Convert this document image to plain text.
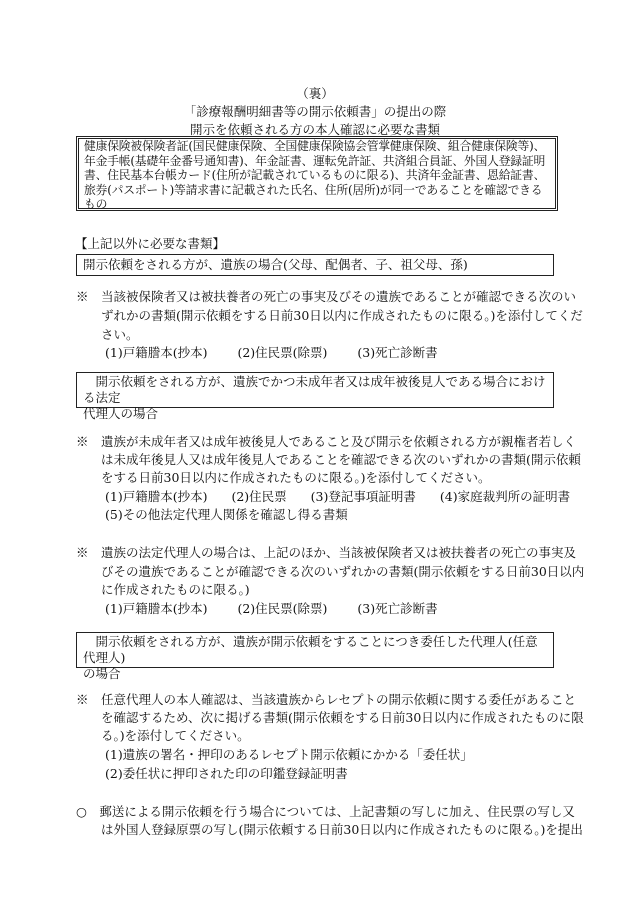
（裏）
「診療報酬明細書等の開示依頼書」の提出の際
開示を依頼される方の本人確認に必要な書類

健康保険被保険者証(国民健康保険、全国健康保険協会管掌健康保険、組合健康保険等)、

年金手帳(基礎年金番号通知書)、年金証書、運転免許証、共済組合員証、外国人登録証明

書、住民基本台帳カード(住所が記載されているものに限る)、共済年金証書、恩給証書、

旅券(パスポート)等請求書に記載された氏名、住所(居所)が同一であることを確認できる

もの

【上記以外に必要な書類】
開示依頼をされる方が、遺族の場合(父母、配偶者、子、祖父母、孫)
※　当該被保険者又は被扶養者の死亡の事実及びその遺族であることが確認できる次のい
ずれかの書類(開示依頼をする日前30日以内に作成されたものに限る。)を添付してくだ
さい。
(1)戸籍謄本(抄本) (2)住民票(除票) (3)死亡診断書

開示依頼をされる方が、遺族でかつ未成年者又は成年被後見人である場合における法定

代理人の場合

※　遺族が未成年者又は成年被後見人であること及び開示を依頼される方が親権者若しく
は未成年後見人又は成年後見人であることを確認できる次のいずれかの書類(開示依頼
をする日前30日以内に作成されたものに限る。)を添付してください。
(1)戸籍謄本(抄本) (2)住民票 (3)登記事項証明書 (4)家庭裁判所の証明書
(5)その他法定代理人関係を確認し得る書類
※　遺族の法定代理人の場合は、上記のほか、当該被保険者又は被扶養者の死亡の事実及
びその遺族であることが確認できる次のいずれかの書類(開示依頼をする日前30日以内
に作成されたものに限る。)
(1)戸籍謄本(抄本) (2)住民票(除票) (3)死亡診断書

開示依頼をされる方が、遺族が開示依頼をすることにつき委任した代理人(任意代理人)

の場合

※　任意代理人の本人確認は、当該遺族からレセプトの開示依頼に関する委任があること
を確認するため、次に掲げる書類(開示依頼をする日前30日以内に作成されたものに限
る。)を添付してください。
(1)遺族の署名・押印のあるレセプト開示依頼にかかる「委任状」
(2)委任状に押印された印の印鑑登録証明書
○　郵送による開示依頼を行う場合については、上記書類の写しに加え、住民票の写し又
は外国人登録原票の写し(開示依頼する日前30日以内に作成されたものに限る。)を提出
